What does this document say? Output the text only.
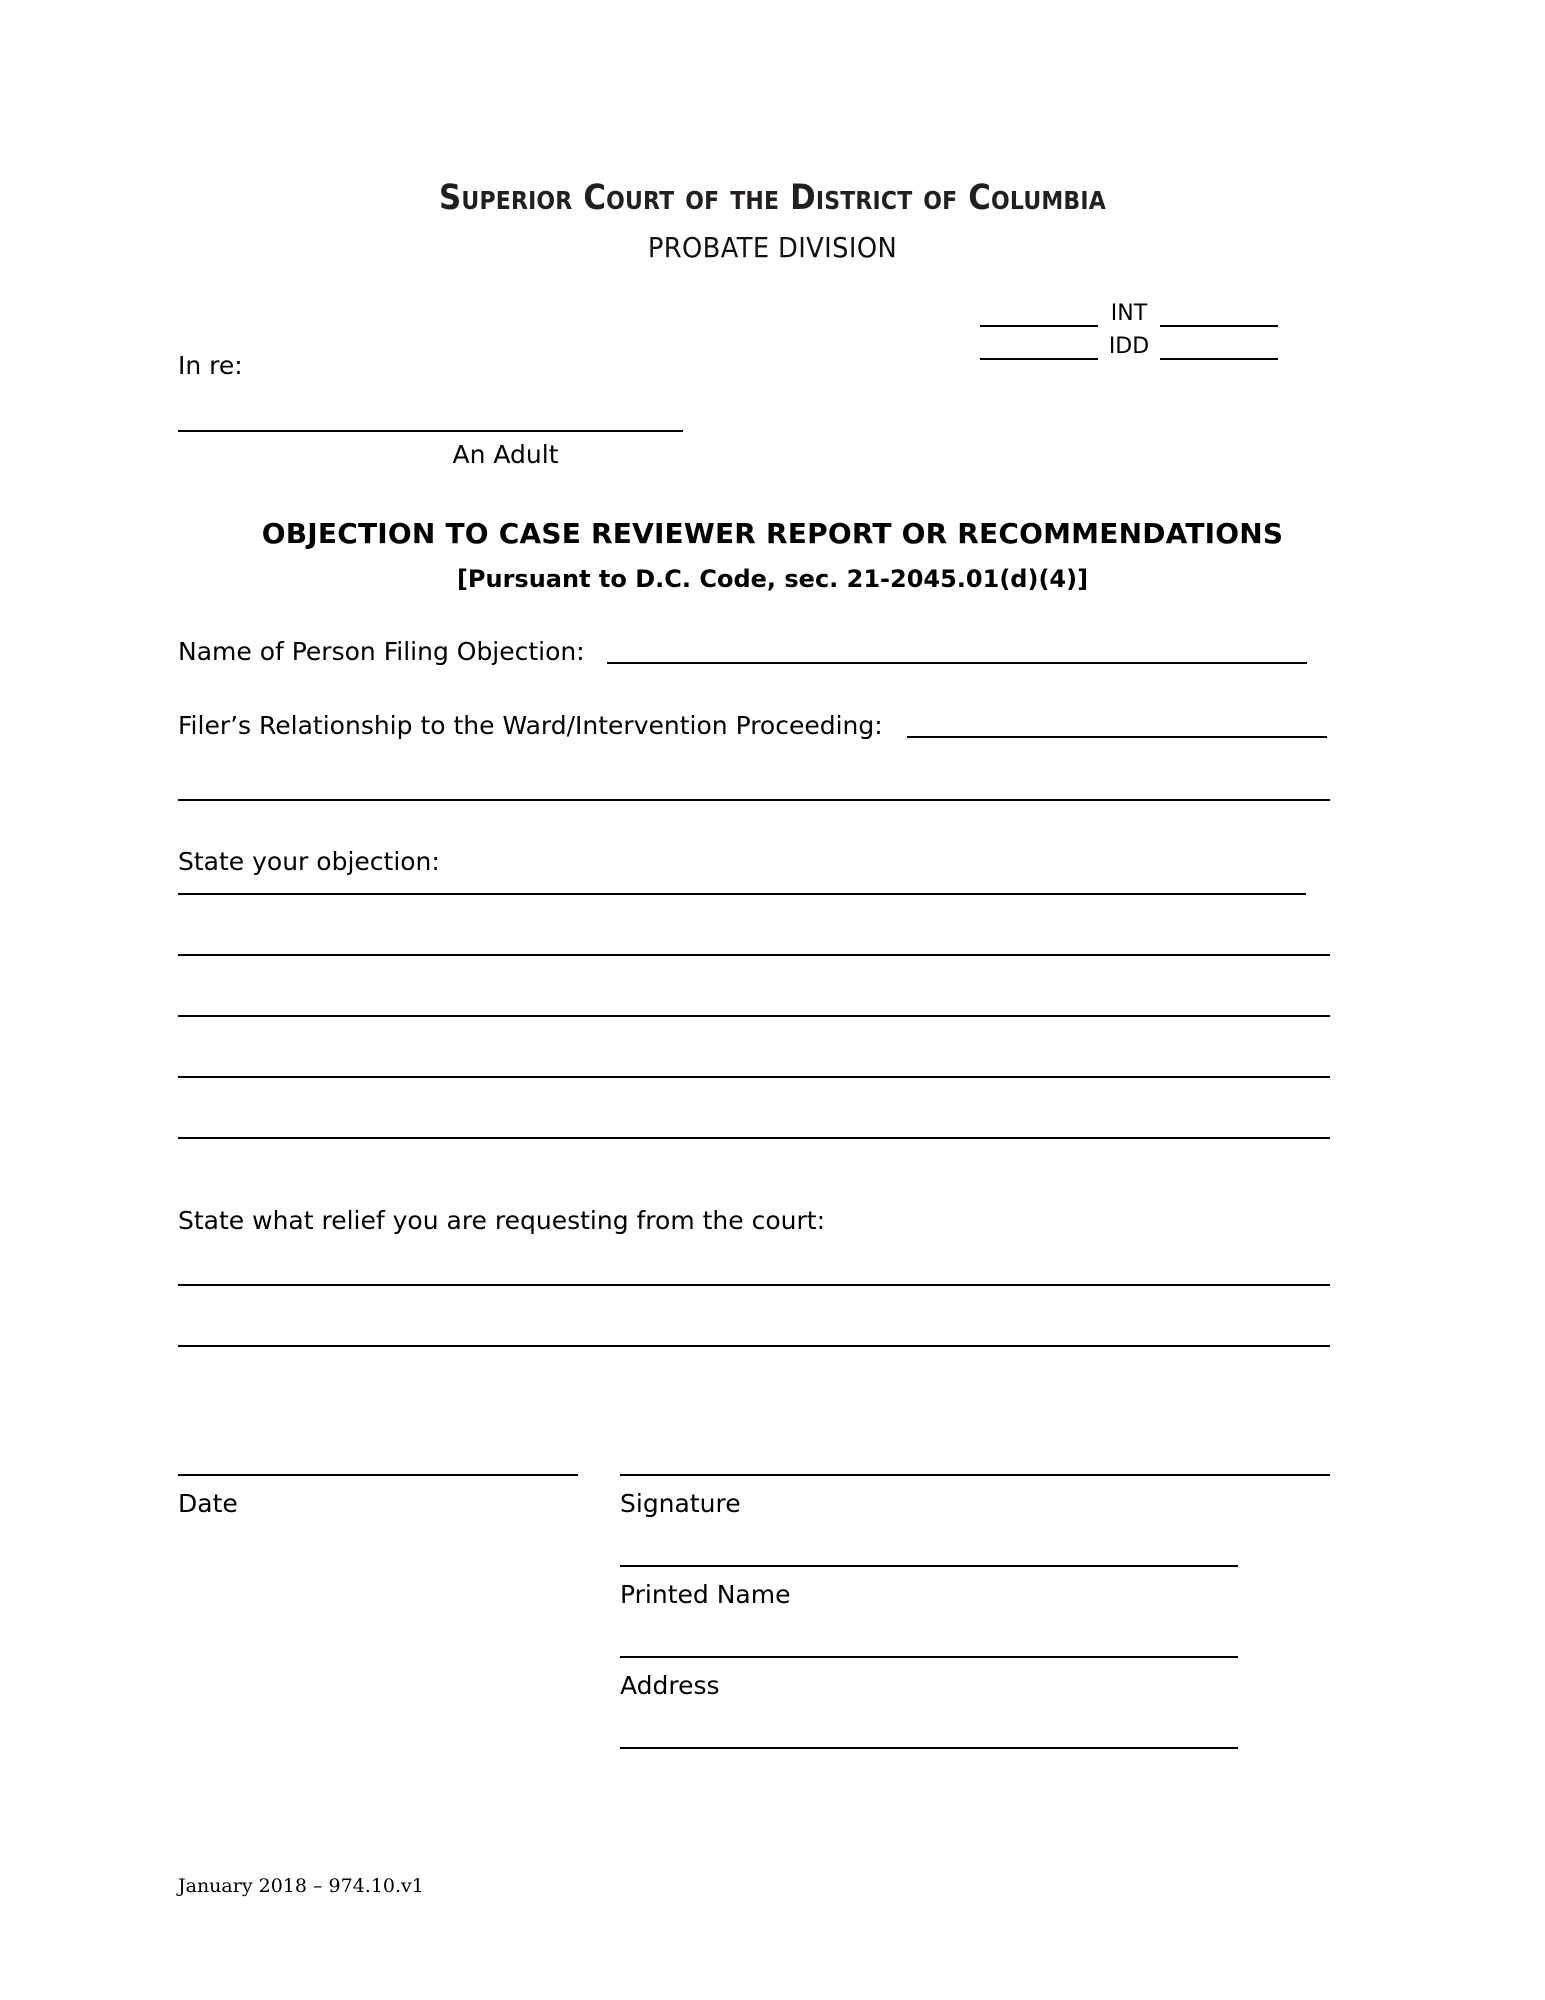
Superior Court of the District of Columbia
PROBATE DIVISION
INT
IDD
In re:
An Adult
OBJECTION TO CASE REVIEWER REPORT OR RECOMMENDATIONS
[Pursuant to D.C. Code, sec. 21-2045.01(d)(4)]
Name of Person Filing Objection:
Filer’s Relationship to the Ward/Intervention Proceeding:
State your objection:
State what relief you are requesting from the court:
Date	Signature
Printed Name
Address
January 2018 – 974.10.v1
